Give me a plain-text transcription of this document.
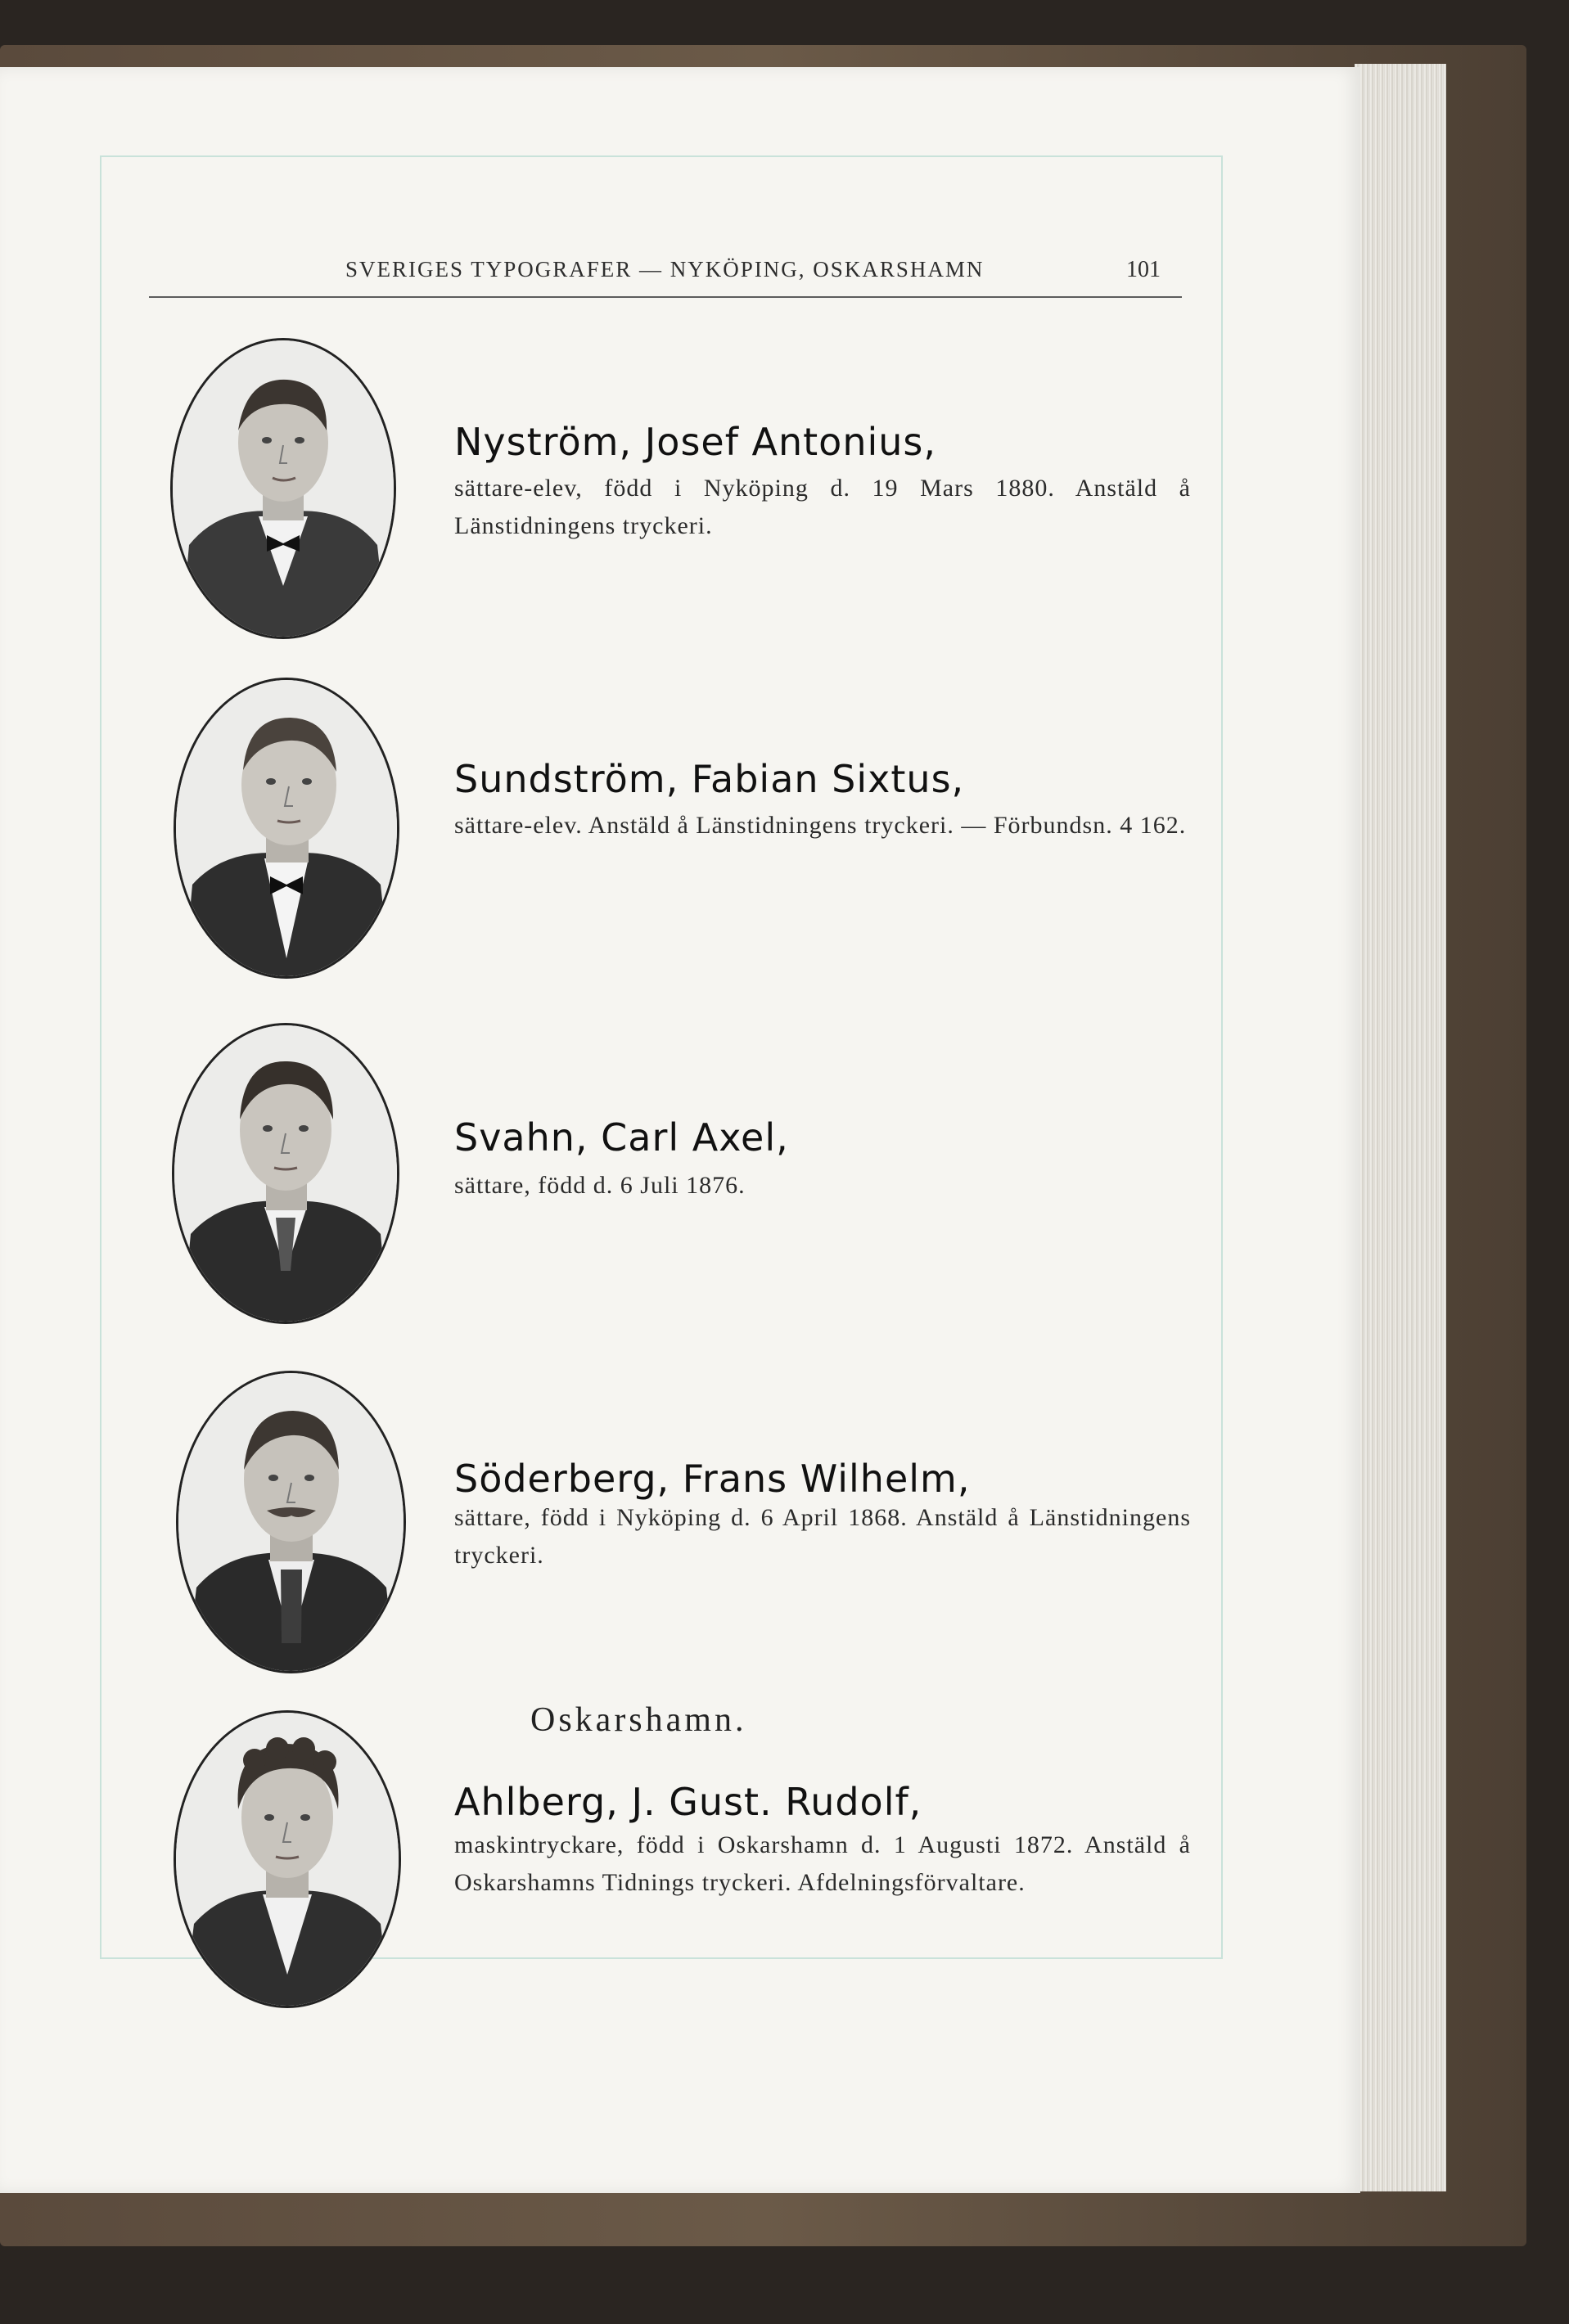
SVERIGES TYPOGRAFER — NYKÖPING, OSKARSHAMN	101
Nyström, Josef Antonius,
sättare-elev, född i Nyköping d. 19 Mars 1880. Anstäld å Länstidningens tryckeri.
Sundström, Fabian Sixtus,
sättare-elev. Anstäld å Länstidningens tryckeri. — Förbundsn. 4 162.
Svahn, Carl Axel,
sättare, född d. 6 Juli 1876.
Söderberg, Frans Wilhelm,
sättare, född i Nyköping d. 6 April 1868. Anstäld å Länstidningens tryckeri.
Oskarshamn.
Ahlberg, J. Gust. Rudolf,
maskintryckare, född i Oskarshamn d. 1 Augusti 1872. Anstäld å Oskarshamns Tidnings tryckeri. Afdelningsförvaltare.
